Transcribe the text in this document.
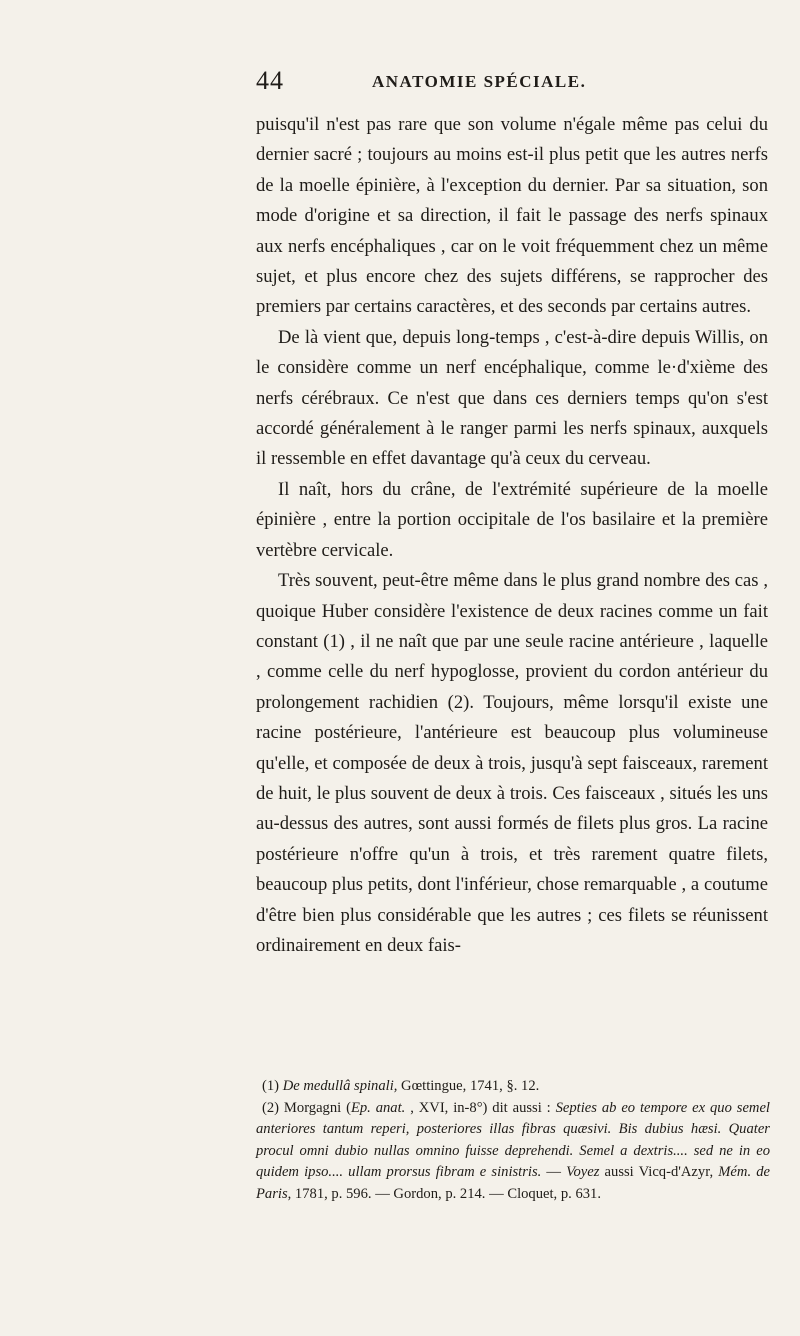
44	ANATOMIE SPÉCIALE.

puisqu'il n'est pas rare que son volume n'égale même pas celui du dernier sacré ; toujours au moins est-il plus petit que les autres nerfs de la moelle épinière, à l'exception du dernier. Par sa situation, son mode d'origine et sa direction, il fait le passage des nerfs spinaux aux nerfs encéphaliques , car on le voit fréquemment chez un même sujet, et plus encore chez des sujets différens, se rapprocher des premiers par certains caractères, et des seconds par certains autres.

De là vient que, depuis long-temps , c'est-à-dire depuis Willis, on le considère comme un nerf encéphalique, comme le·d'xième des nerfs cérébraux. Ce n'est que dans ces derniers temps qu'on s'est accordé généralement à le ranger parmi les nerfs spinaux, auxquels il ressemble en effet davantage qu'à ceux du cerveau.

Il naît, hors du crâne, de l'extrémité supérieure de la moelle épinière , entre la portion occipitale de l'os basilaire et la première vertèbre cervicale.

Très souvent, peut-être même dans le plus grand nombre des cas , quoique Huber considère l'existence de deux racines comme un fait constant (1) , il ne naît que par une seule racine antérieure , laquelle , comme celle du nerf hypoglosse, provient du cordon antérieur du prolongement rachidien (2). Toujours, même lorsqu'il existe une racine postérieure, l'antérieure est beaucoup plus volumineuse qu'elle, et composée de deux à trois, jusqu'à sept faisceaux, rarement de huit, le plus souvent de deux à trois. Ces faisceaux , situés les uns au-dessus des autres, sont aussi formés de filets plus gros. La racine postérieure n'offre qu'un à trois, et très rarement quatre filets, beaucoup plus petits, dont l'inférieur, chose remarquable , a coutume d'être bien plus considérable que les autres ; ces filets se réunissent ordinairement en deux fais-

(1) De medullâ spinali, Gœttingue, 1741, §. 12.

(2) Morgagni (Ep. anat. , XVI, in-8°) dit aussi : Septies ab eo tempore ex quo semel anteriores tantum reperi, posteriores illas fibras quæsivi. Bis dubius hæsi. Quater procul omni dubio nullas omnino fuisse deprehendi. Semel a dextris.... sed ne in eo quidem ipso.... ullam prorsus fibram e sinistris. — Voyez aussi Vicq-d'Azyr, Mém. de Paris, 1781, p. 596. — Gordon, p. 214. — Cloquet, p. 631.
